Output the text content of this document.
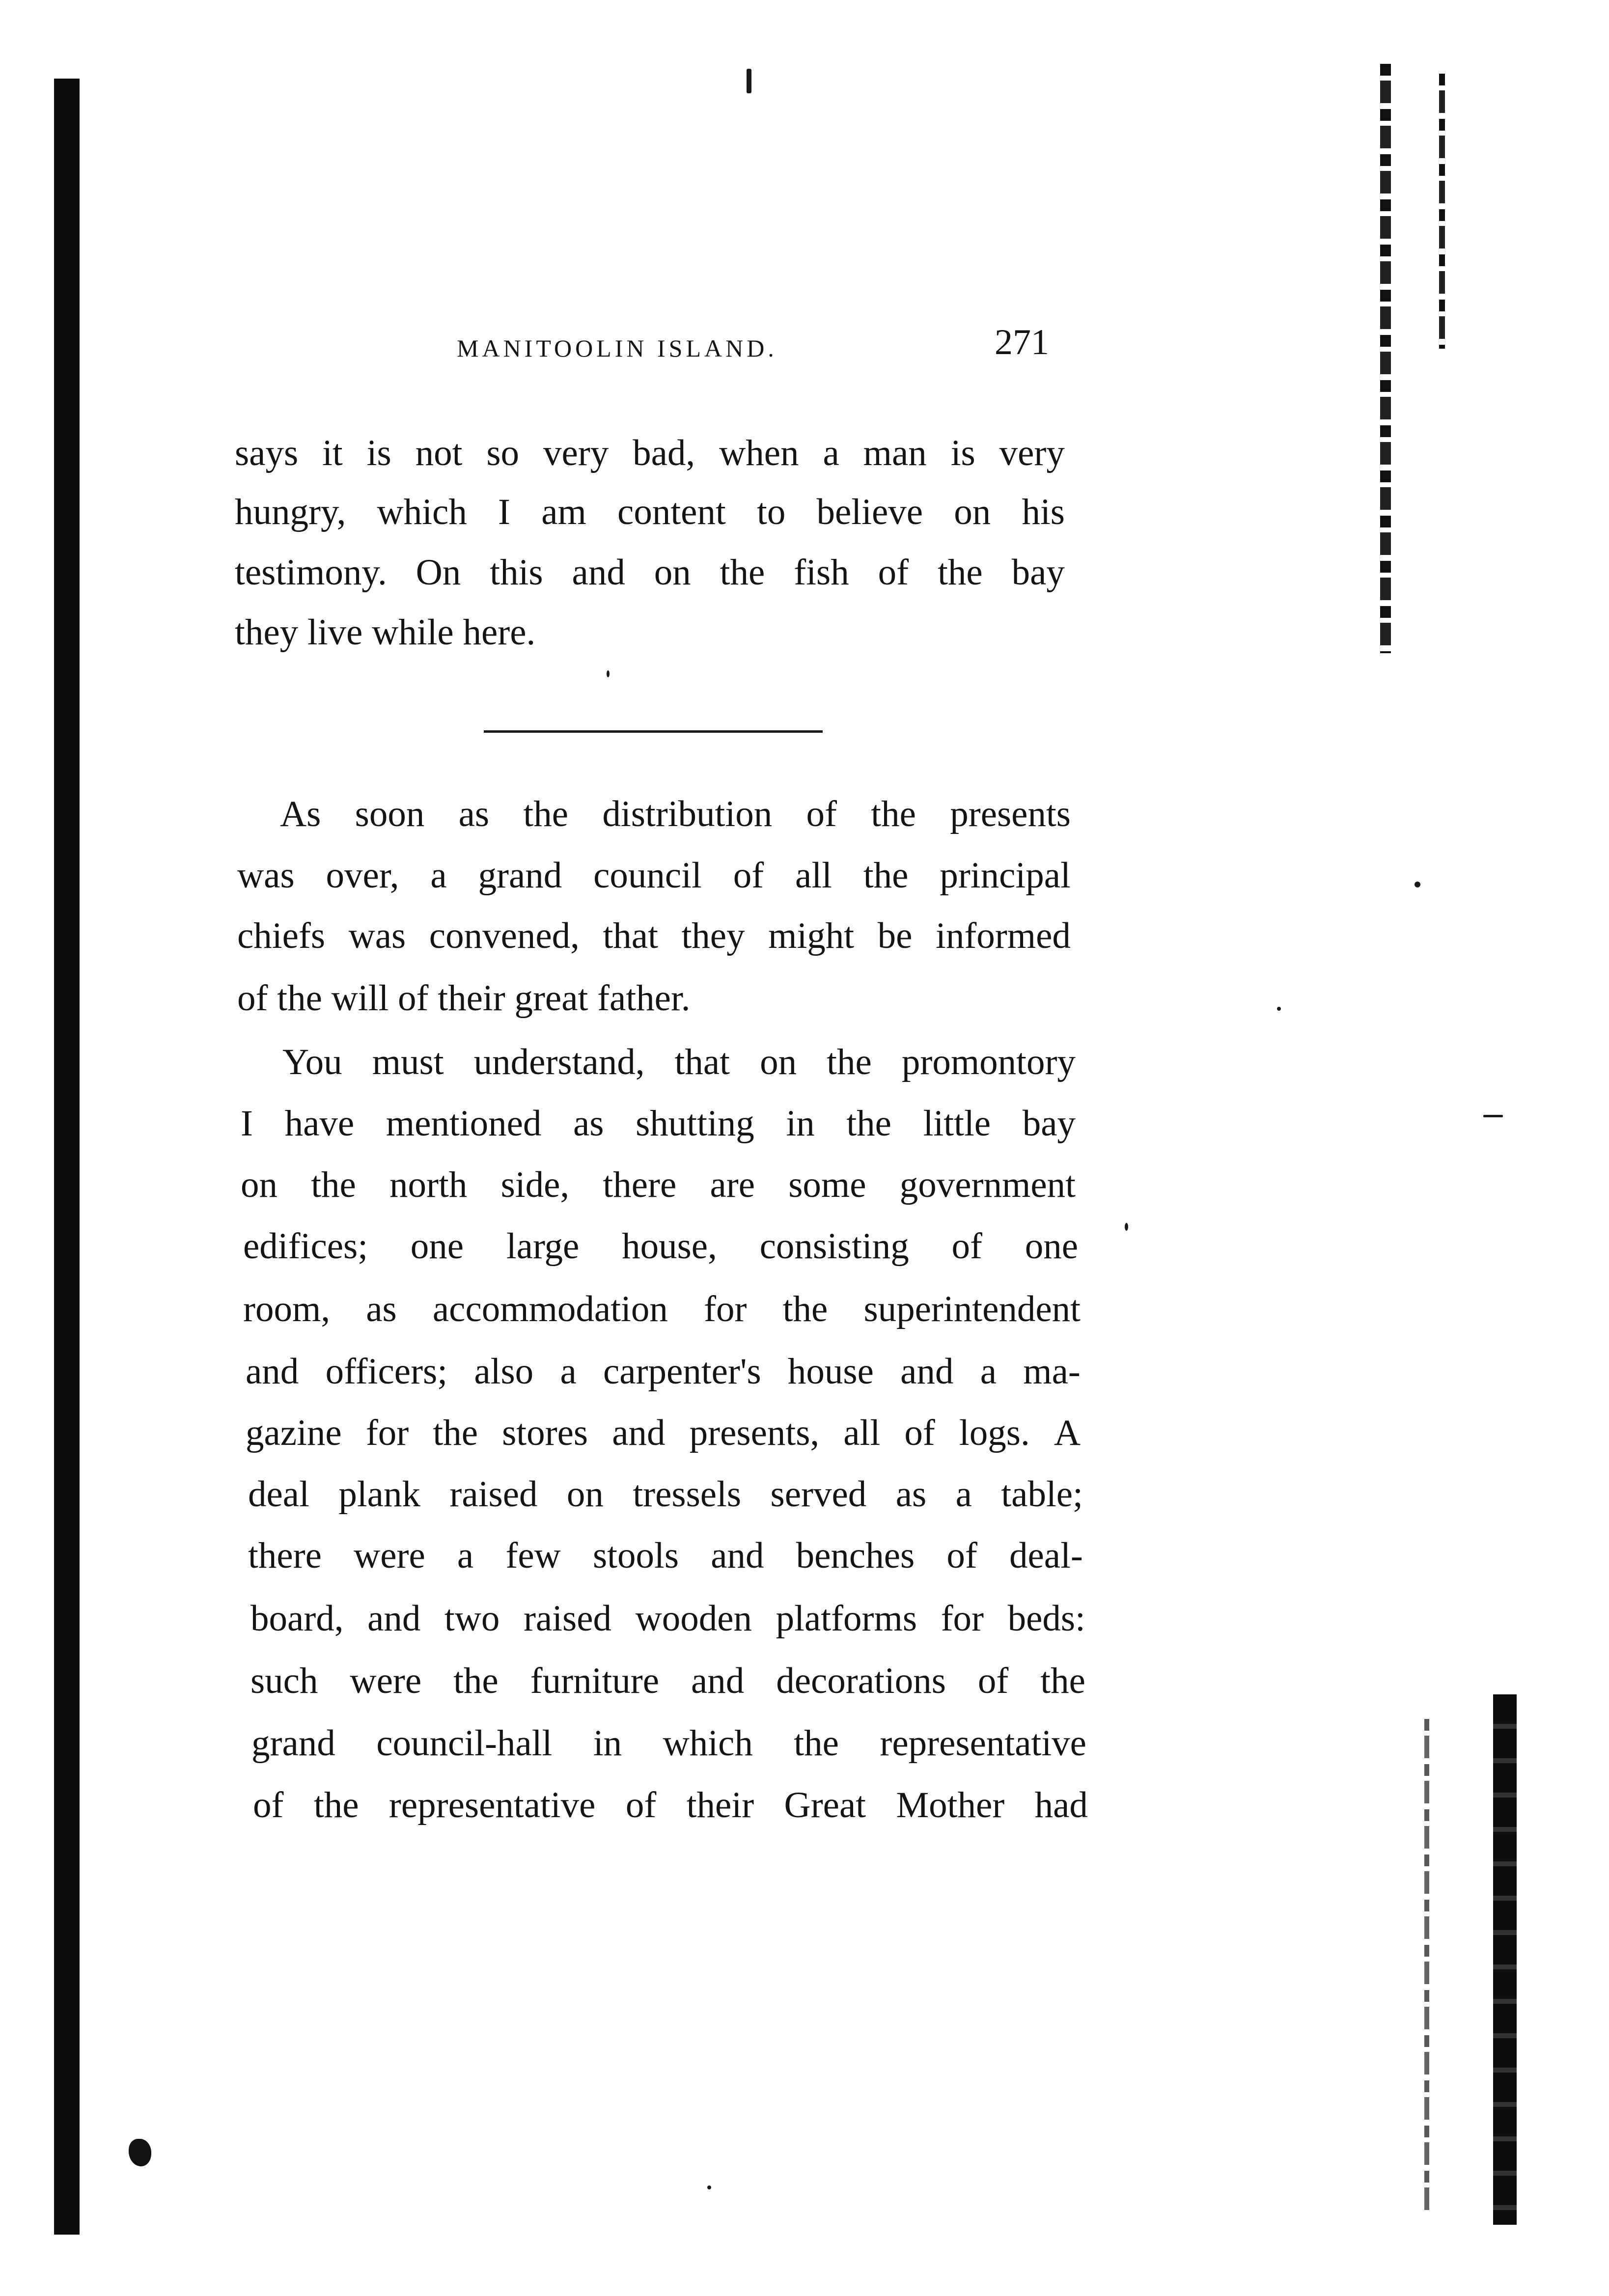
MANITOOLIN ISLAND.	271
says it is not so very bad, when a man is very
hungry, which I am content to believe on his
testimony. On this and on the fish of the bay
they live while here.
As soon as the distribution of the presents
was over, a grand council of all the principal
chiefs was convened, that they might be informed
of the will of their great father.
You must understand, that on the promontory
I have mentioned as shutting in the little bay
on the north side, there are some government
edifices; one large house, consisting of one
room, as accommodation for the superintendent
and officers; also a carpenter's house and a ma-
gazine for the stores and presents, all of logs. A
deal plank raised on tressels served as a table;
there were a few stools and benches of deal-
board, and two raised wooden platforms for beds:
such were the furniture and decorations of the
grand council-hall in which the representative
of the representative of their Great Mother had
